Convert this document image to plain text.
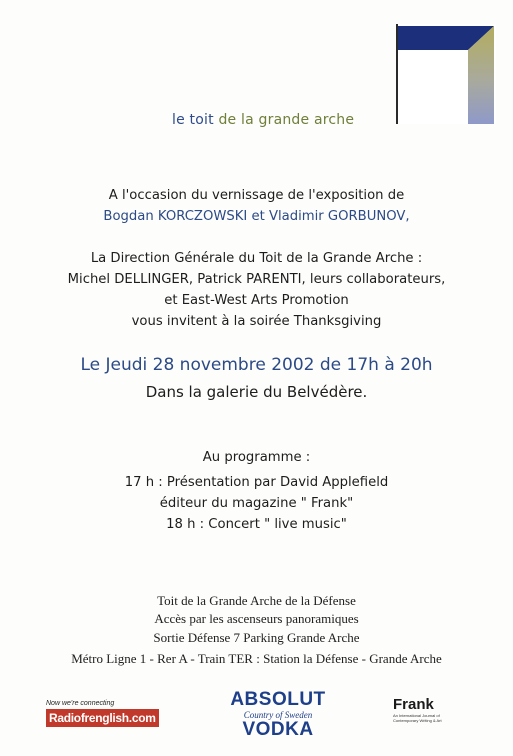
le toit de la grande arche
A l'occasion du vernissage de l'exposition de
Bogdan KORCZOWSKI et Vladimir GORBUNOV,
La Direction Générale du Toit de la Grande Arche :
Michel DELLINGER, Patrick PARENTI, leurs collaborateurs,
et East-West Arts Promotion
vous invitent à la soirée Thanksgiving
Le Jeudi 28 novembre 2002 de 17h à 20h
Dans la galerie du Belvédère.
Au programme :
17 h : Présentation par David Applefield
éditeur du magazine " Frank"
18 h : Concert " live music"
Toit de la Grande Arche de la Défense
Accès par les ascenseurs panoramiques
Sortie Défense 7 Parking Grande Arche
Métro Ligne 1 - Rer A - Train TER : Station la Défense - Grande Arche
Now we're connecting
Radiofrenglish.com
ABSOLUT
Country of Sweden
VODKA
Frank
An International Journal of Contemporary Writing & Art
